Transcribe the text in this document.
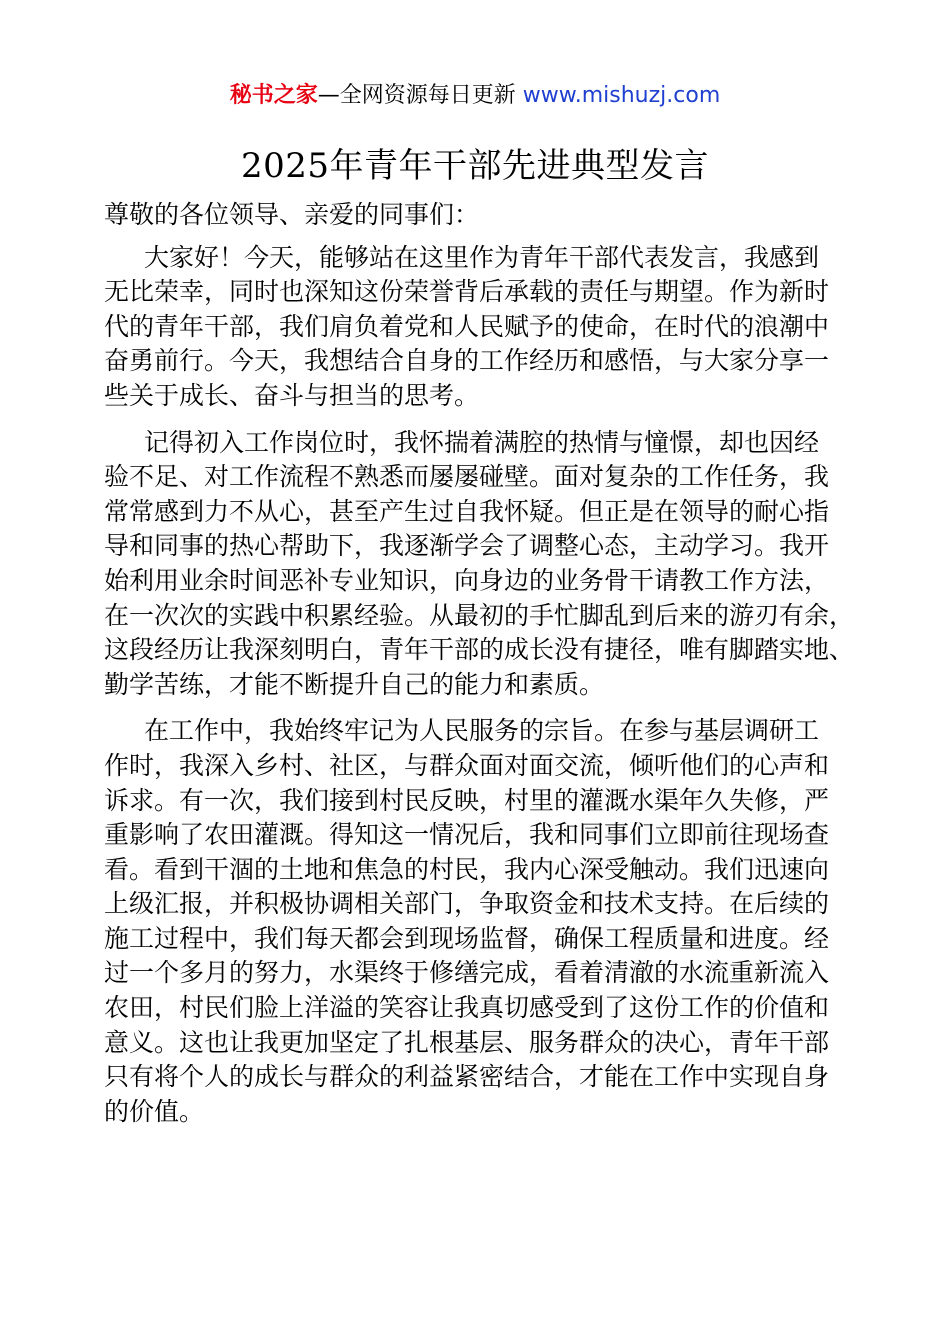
秘书之家—全网资源每日更新 www.mishuzj.com
2025年青年干部先进典型发言
尊敬的各位领导、亲爱的同事们：
大家好！今天，能够站在这里作为青年干部代表发言，我感到
无比荣幸，同时也深知这份荣誉背后承载的责任与期望。作为新时
代的青年干部，我们肩负着党和人民赋予的使命，在时代的浪潮中
奋勇前行。今天，我想结合自身的工作经历和感悟，与大家分享一
些关于成长、奋斗与担当的思考。
记得初入工作岗位时，我怀揣着满腔的热情与憧憬，却也因经
验不足、对工作流程不熟悉而屡屡碰壁。面对复杂的工作任务，我
常常感到力不从心，甚至产生过自我怀疑。但正是在领导的耐心指
导和同事的热心帮助下，我逐渐学会了调整心态，主动学习。我开
始利用业余时间恶补专业知识，向身边的业务骨干请教工作方法，
在一次次的实践中积累经验。从最初的手忙脚乱到后来的游刃有余，
这段经历让我深刻明白，青年干部的成长没有捷径，唯有脚踏实地、
勤学苦练，才能不断提升自己的能力和素质。
在工作中，我始终牢记为人民服务的宗旨。在参与基层调研工
作时，我深入乡村、社区，与群众面对面交流，倾听他们的心声和
诉求。有一次，我们接到村民反映，村里的灌溉水渠年久失修，严
重影响了农田灌溉。得知这一情况后，我和同事们立即前往现场查
看。看到干涸的土地和焦急的村民，我内心深受触动。我们迅速向
上级汇报，并积极协调相关部门，争取资金和技术支持。在后续的
施工过程中，我们每天都会到现场监督，确保工程质量和进度。经
过一个多月的努力，水渠终于修缮完成，看着清澈的水流重新流入
农田，村民们脸上洋溢的笑容让我真切感受到了这份工作的价值和
意义。这也让我更加坚定了扎根基层、服务群众的决心，青年干部
只有将个人的成长与群众的利益紧密结合，才能在工作中实现自身
的价值。
